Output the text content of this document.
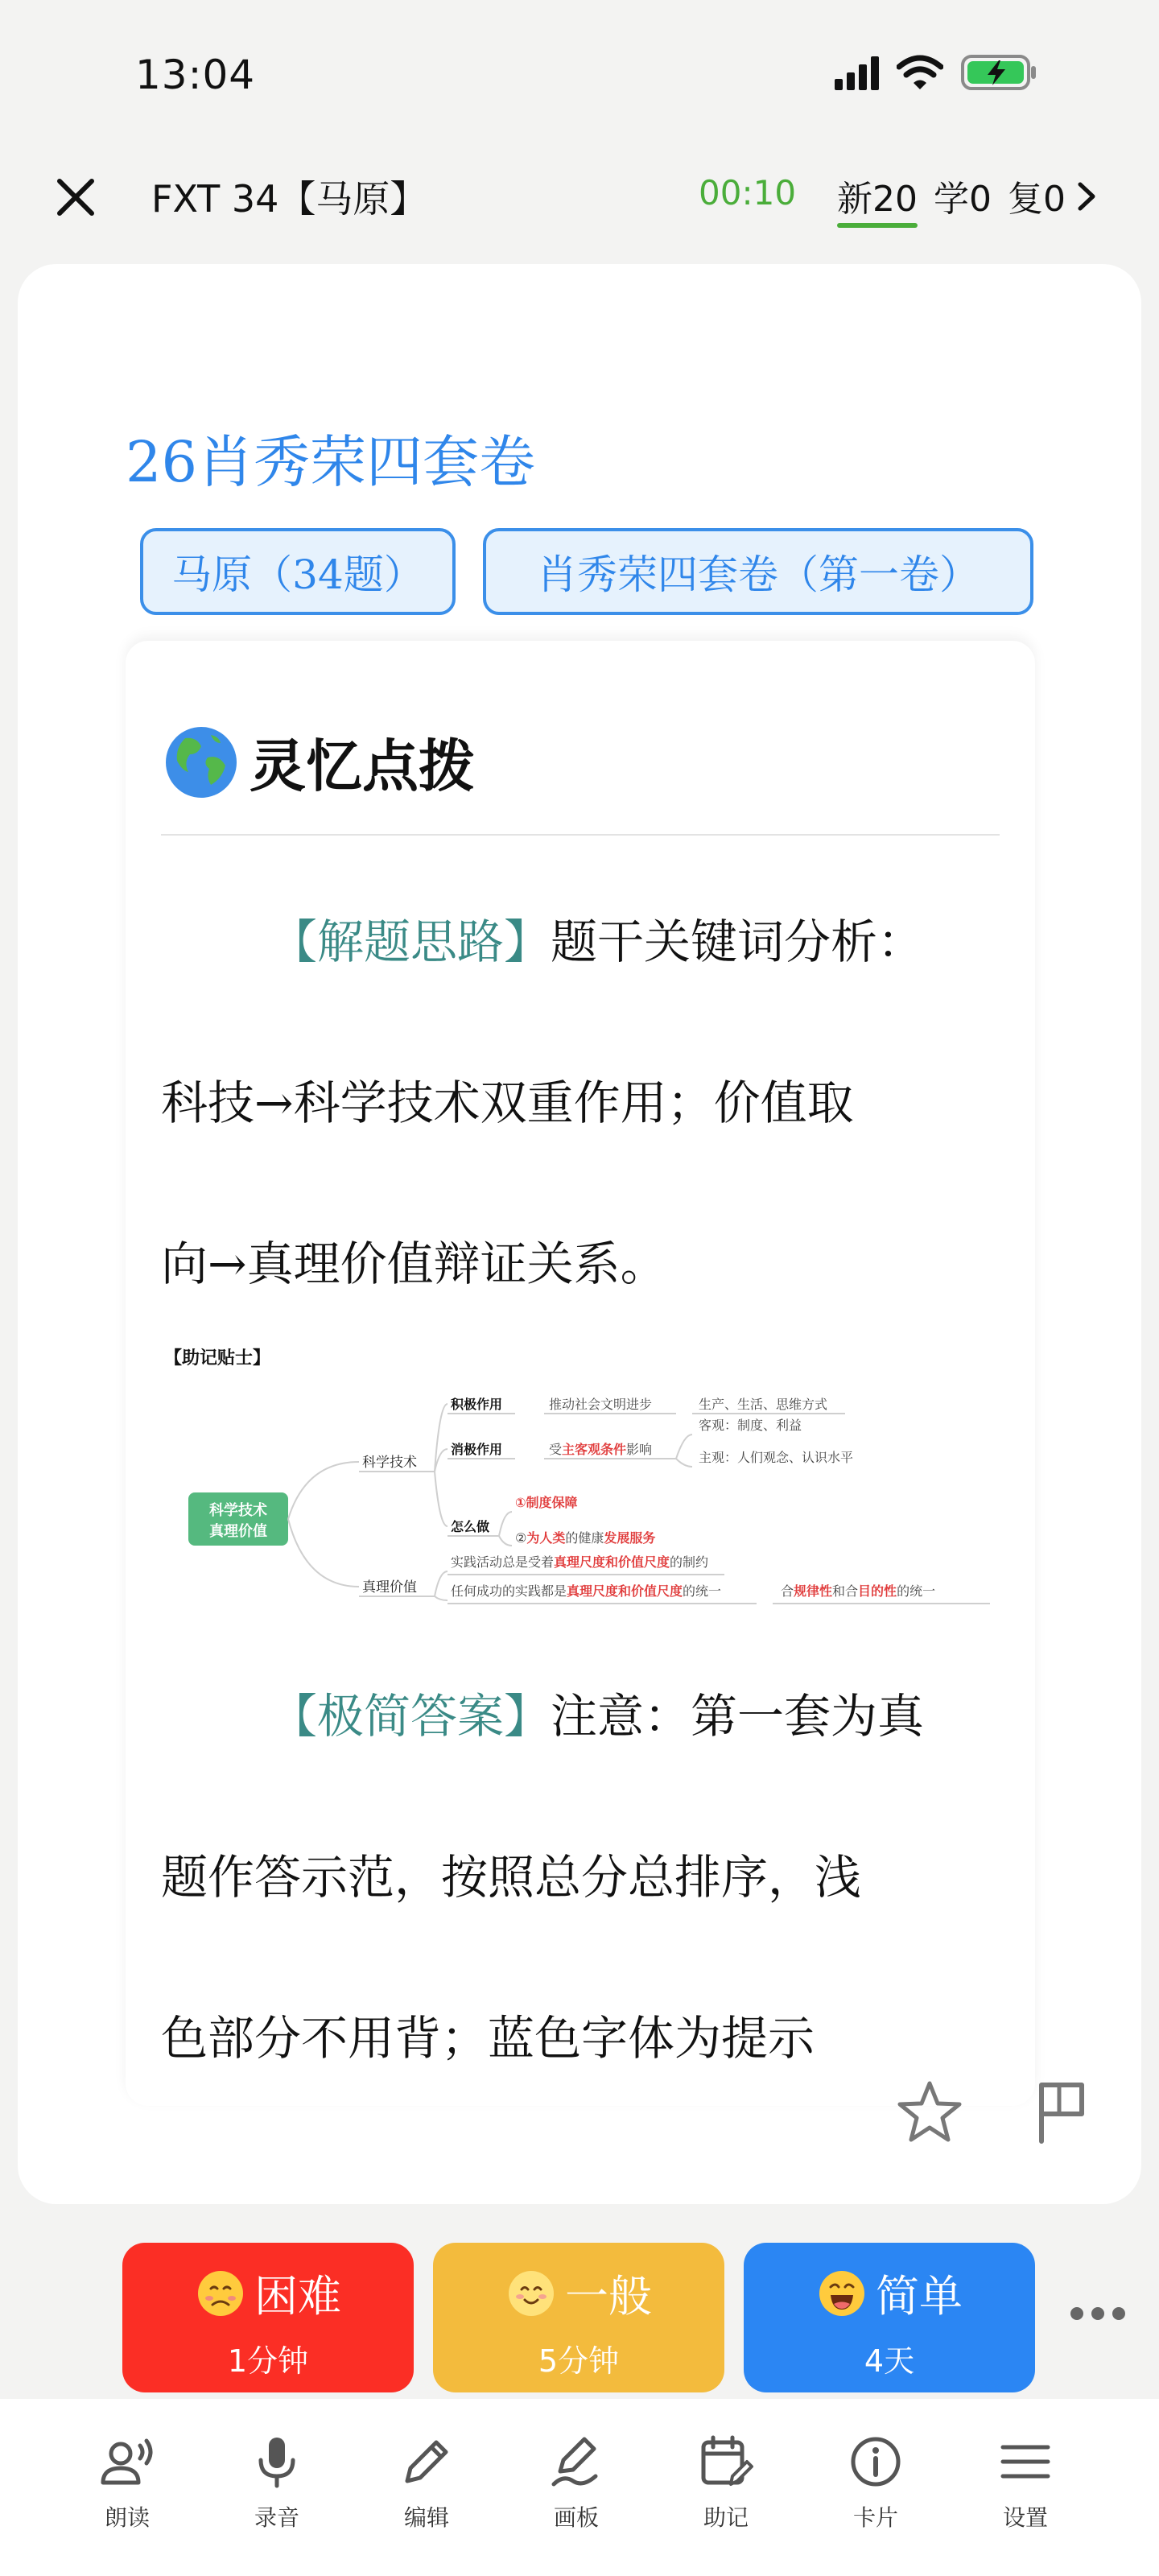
13:04
FXT 34【马原】	00:10 新20 学0 复0
26肖秀荣四套卷
马原（34题）	肖秀荣四套卷（第一卷）
灵忆点拨
【解题思路】题干关键词分析：
科技→科学技术双重作用；价值取
向→真理价值辩证关系。
【助记贴士】
科学技术
真理价值
科学技术
积极作用	推动社会文明进步	生产、生活、思维方式
消极作用	受主客观条件影响
客观：制度、利益
主观：人们观念、认识水平
怎么做
①制度保障
②为人类的健康发展服务
真理价值
实践活动总是受着真理尺度和价值尺度的制约
任何成功的实践都是真理尺度和价值尺度的统一	合规律性和合目的性的统一
【极简答案】注意：第一套为真
题作答示范，按照总分总排序，浅
色部分不用背；蓝色字体为提示
困难
1分钟
一般
5分钟
简单
4天
朗读	录音	编辑	画板	助记	卡片	设置
